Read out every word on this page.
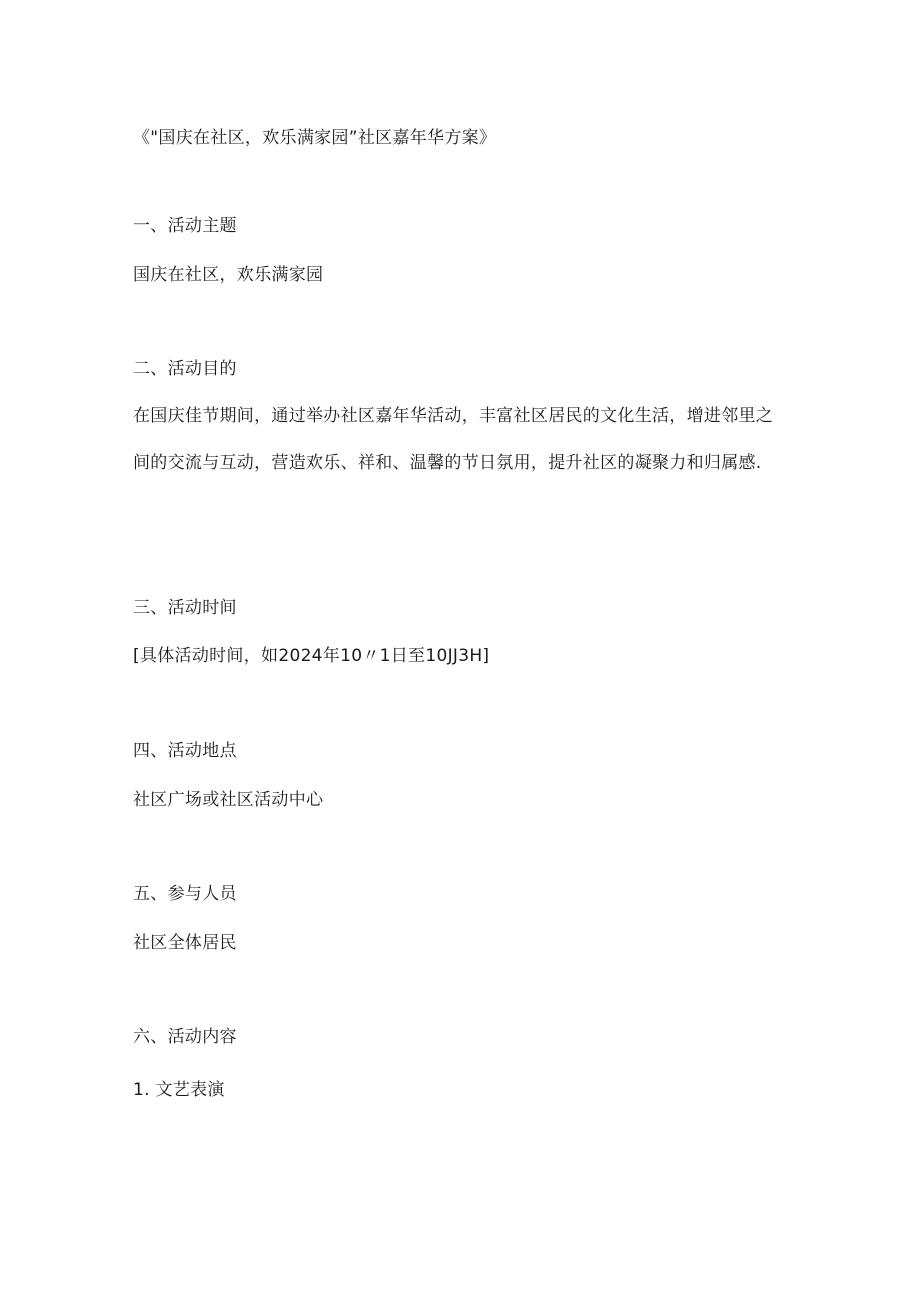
《"国庆在社区，欢乐满家园”社区嘉年华方案》
一、活动主题
国庆在社区，欢乐满家园
二、活动目的
在国庆佳节期间，通过举办社区嘉年华活动，丰富社区居民的文化生活，增进邻里之间的交流与互动，营造欢乐、祥和、温馨的节日氛用，提升社区的凝聚力和归属感.
三、活动时间
[具体活动时间，如2024年10〃1日至10JJ3H]
四、活动地点
社区广场或社区活动中心
五、参与人员
社区全体居民
六、活动内容
1. 文艺表演
